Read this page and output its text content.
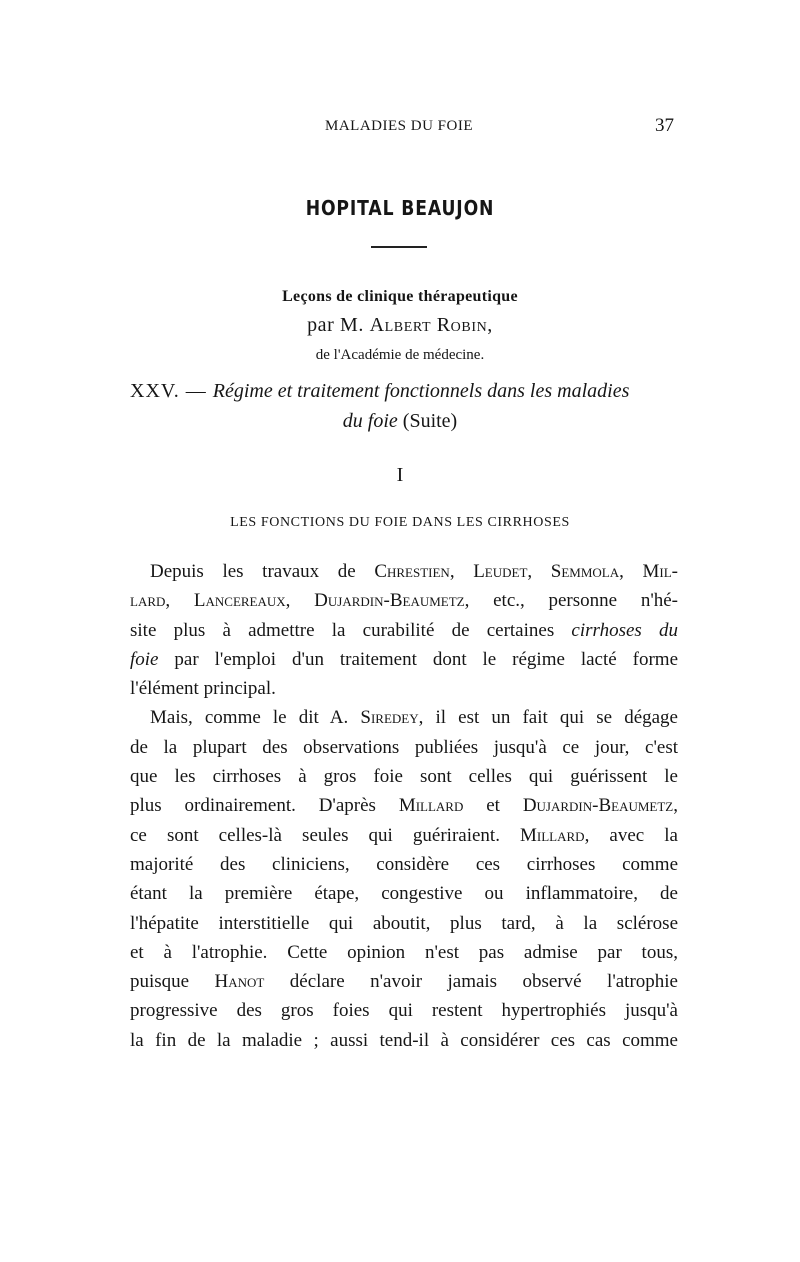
MALADIES DU FOIE	37
HOPITAL BEAUJON
Leçons de clinique thérapeutique
par M. Albert Robin,
de l'Académie de médecine.
XXV. — Régime et traitement fonctionnels dans les maladies
du foie (Suite)
I
LES FONCTIONS DU FOIE DANS LES CIRRHOSES
Depuis les travaux de Chrestien, Leudet, Semmola, Mil-
lard, Lancereaux, Dujardin-Beaumetz, etc., personne n'hé-
site plus à admettre la curabilité de certaines cirrhoses du
foie par l'emploi d'un traitement dont le régime lacté forme
l'élément principal.
Mais, comme le dit A. Siredey, il est un fait qui se dégage
de la plupart des observations publiées jusqu'à ce jour, c'est
que les cirrhoses à gros foie sont celles qui guérissent le
plus ordinairement. D'après Millard et Dujardin-Beaumetz,
ce sont celles-là seules qui guériraient. Millard, avec la
majorité des cliniciens, considère ces cirrhoses comme
étant la première étape, congestive ou inflammatoire, de
l'hépatite interstitielle qui aboutit, plus tard, à la sclérose
et à l'atrophie. Cette opinion n'est pas admise par tous,
puisque Hanot déclare n'avoir jamais observé l'atrophie
progressive des gros foies qui restent hypertrophiés jusqu'à
la fin de la maladie ; aussi tend-il à considérer ces cas comme
